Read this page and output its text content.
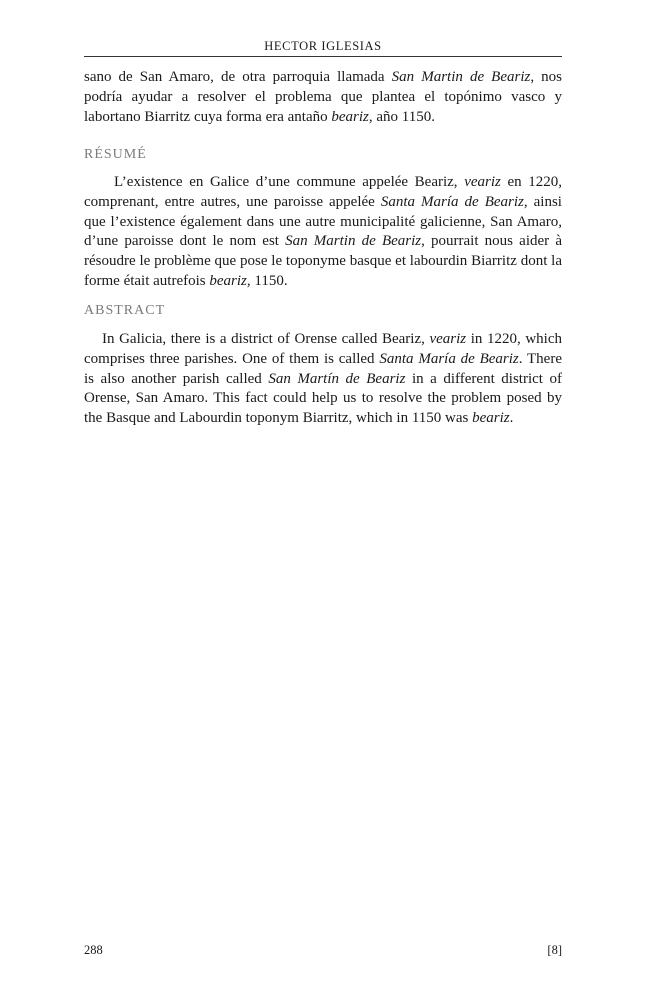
HECTOR IGLESIAS

sano de San Amaro, de otra parroquia llamada San Martin de Beariz, nos podría ayudar a resolver el problema que plantea el topónimo vasco y labortano Biarritz cuya forma era antaño beariz, año 1150.

RÉSUMÉ

L’existence en Galice d’une commune appelée Beariz, veariz en 1220, comprenant, entre autres, une paroisse appelée Santa María de Beariz, ainsi que l’existence également dans une autre municipalité galicienne, San Amaro, d’une paroisse dont le nom est San Martin de Beariz, pourrait nous aider à résoudre le problème que pose le toponyme basque et labourdin Biarritz dont la forme était autrefois beariz, 1150.

ABSTRACT

In Galicia, there is a district of Orense called Beariz, veariz in 1220, which comprises three parishes. One of them is called Santa María de Beariz. There is also another parish called San Martín de Beariz in a different district of Orense, San Amaro. This fact could help us to resolve the problem posed by the Basque and Labourdin toponym Biarritz, which in 1150 was beariz.

288	[8]
